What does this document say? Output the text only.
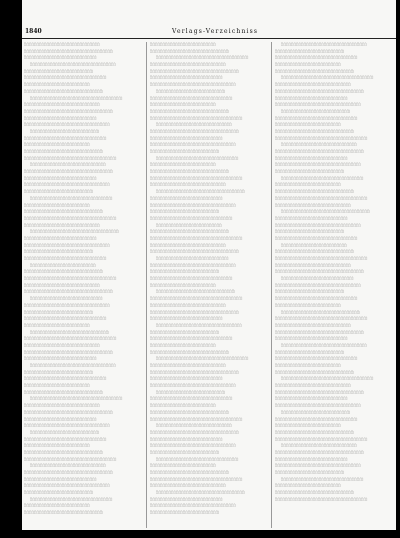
1840	Verlags-Verzeichniss
░░░░░░░░░░░░░░░░░░░░░░░
░░░░░░░░░░░░░░░░░░░░░░░░░░░
░░░░░░░░░░░░░░░░░░░░░░
░░░░░░░░░░░░░░░░░░░░░░░░░░
░░░░░░░░░░░░░░░░░░░░░
░░░░░░░░░░░░░░░░░░░░░░░░░
░░░░░░░░░░░░░░░░░░░░
░░░░░░░░░░░░░░░░░░░░░░░░
░░░░░░░░░░░░░░░░░░░░░░░░░░░░
░░░░░░░░░░░░░░░░░░░░░░░
░░░░░░░░░░░░░░░░░░░░░░░░░░░
░░░░░░░░░░░░░░░░░░░░░░
░░░░░░░░░░░░░░░░░░░░░░░░░░
░░░░░░░░░░░░░░░░░░░░░
░░░░░░░░░░░░░░░░░░░░░░░░░
░░░░░░░░░░░░░░░░░░░░
░░░░░░░░░░░░░░░░░░░░░░░░
░░░░░░░░░░░░░░░░░░░░░░░░░░░░
░░░░░░░░░░░░░░░░░░░░░░░
░░░░░░░░░░░░░░░░░░░░░░░░░░░
░░░░░░░░░░░░░░░░░░░░░░
░░░░░░░░░░░░░░░░░░░░░░░░░░
░░░░░░░░░░░░░░░░░░░░░
░░░░░░░░░░░░░░░░░░░░░░░░░
░░░░░░░░░░░░░░░░░░░░
░░░░░░░░░░░░░░░░░░░░░░░░
░░░░░░░░░░░░░░░░░░░░░░░░░░░░
░░░░░░░░░░░░░░░░░░░░░░░
░░░░░░░░░░░░░░░░░░░░░░░░░░░
░░░░░░░░░░░░░░░░░░░░░░
░░░░░░░░░░░░░░░░░░░░░░░░░░
░░░░░░░░░░░░░░░░░░░░░
░░░░░░░░░░░░░░░░░░░░░░░░░
░░░░░░░░░░░░░░░░░░░░
░░░░░░░░░░░░░░░░░░░░░░░░
░░░░░░░░░░░░░░░░░░░░░░░░░░░░
░░░░░░░░░░░░░░░░░░░░░░░
░░░░░░░░░░░░░░░░░░░░░░░░░░░
░░░░░░░░░░░░░░░░░░░░░░
░░░░░░░░░░░░░░░░░░░░░░░░░░
░░░░░░░░░░░░░░░░░░░░░
░░░░░░░░░░░░░░░░░░░░░░░░░
░░░░░░░░░░░░░░░░░░░░
░░░░░░░░░░░░░░░░░░░░░░░░
░░░░░░░░░░░░░░░░░░░░░░░░░░░░
░░░░░░░░░░░░░░░░░░░░░░░
░░░░░░░░░░░░░░░░░░░░░░░░░░░
░░░░░░░░░░░░░░░░░░░░░░
░░░░░░░░░░░░░░░░░░░░░░░░░░
░░░░░░░░░░░░░░░░░░░░░
░░░░░░░░░░░░░░░░░░░░░░░░░
░░░░░░░░░░░░░░░░░░░░
░░░░░░░░░░░░░░░░░░░░░░░░
░░░░░░░░░░░░░░░░░░░░░░░░░░░░
░░░░░░░░░░░░░░░░░░░░░░░
░░░░░░░░░░░░░░░░░░░░░░░░░░░
░░░░░░░░░░░░░░░░░░░░░░
░░░░░░░░░░░░░░░░░░░░░░░░░░
░░░░░░░░░░░░░░░░░░░░░
░░░░░░░░░░░░░░░░░░░░░░░░░
░░░░░░░░░░░░░░░░░░░░
░░░░░░░░░░░░░░░░░░░░░░░░
░░░░░░░░░░░░░░░░░░░░░░░░░░░░
░░░░░░░░░░░░░░░░░░░░░░░
░░░░░░░░░░░░░░░░░░░░░░░░░░░
░░░░░░░░░░░░░░░░░░░░░░
░░░░░░░░░░░░░░░░░░░░░░░░░░
░░░░░░░░░░░░░░░░░░░░░
░░░░░░░░░░░░░░░░░░░░░░░░░
░░░░░░░░░░░░░░░░░░░░
░░░░░░░░░░░░░░░░░░░░░░░░
░░░░░░░░░░░░░░░░░░░░
░░░░░░░░░░░░░░░░░░░░░░░░
░░░░░░░░░░░░░░░░░░░░░░░░░░░░
░░░░░░░░░░░░░░░░░░░░░░░
░░░░░░░░░░░░░░░░░░░░░░░░░░░
░░░░░░░░░░░░░░░░░░░░░░
░░░░░░░░░░░░░░░░░░░░░░░░░░
░░░░░░░░░░░░░░░░░░░░░
░░░░░░░░░░░░░░░░░░░░░░░░░
░░░░░░░░░░░░░░░░░░░░
░░░░░░░░░░░░░░░░░░░░░░░░
░░░░░░░░░░░░░░░░░░░░░░░░░░░░
░░░░░░░░░░░░░░░░░░░░░░░
░░░░░░░░░░░░░░░░░░░░░░░░░░░
░░░░░░░░░░░░░░░░░░░░░░
░░░░░░░░░░░░░░░░░░░░░░░░░░
░░░░░░░░░░░░░░░░░░░░░
░░░░░░░░░░░░░░░░░░░░░░░░░
░░░░░░░░░░░░░░░░░░░░
░░░░░░░░░░░░░░░░░░░░░░░░
░░░░░░░░░░░░░░░░░░░░░░░░░░░░
░░░░░░░░░░░░░░░░░░░░░░░
░░░░░░░░░░░░░░░░░░░░░░░░░░░
░░░░░░░░░░░░░░░░░░░░░░
░░░░░░░░░░░░░░░░░░░░░░░░░░
░░░░░░░░░░░░░░░░░░░░░
░░░░░░░░░░░░░░░░░░░░░░░░░
░░░░░░░░░░░░░░░░░░░░
░░░░░░░░░░░░░░░░░░░░░░░░
░░░░░░░░░░░░░░░░░░░░░░░░░░░░
░░░░░░░░░░░░░░░░░░░░░░░
░░░░░░░░░░░░░░░░░░░░░░░░░░░
░░░░░░░░░░░░░░░░░░░░░░
░░░░░░░░░░░░░░░░░░░░░░░░░░
░░░░░░░░░░░░░░░░░░░░░
░░░░░░░░░░░░░░░░░░░░░░░░░
░░░░░░░░░░░░░░░░░░░░
░░░░░░░░░░░░░░░░░░░░░░░░
░░░░░░░░░░░░░░░░░░░░░░░░░░░░
░░░░░░░░░░░░░░░░░░░░░░░
░░░░░░░░░░░░░░░░░░░░░░░░░░░
░░░░░░░░░░░░░░░░░░░░░░
░░░░░░░░░░░░░░░░░░░░░░░░░░
░░░░░░░░░░░░░░░░░░░░░
░░░░░░░░░░░░░░░░░░░░░░░░░
░░░░░░░░░░░░░░░░░░░░
░░░░░░░░░░░░░░░░░░░░░░░░
░░░░░░░░░░░░░░░░░░░░░░░░░░░░
░░░░░░░░░░░░░░░░░░░░░░░
░░░░░░░░░░░░░░░░░░░░░░░░░░░
░░░░░░░░░░░░░░░░░░░░░░
░░░░░░░░░░░░░░░░░░░░░░░░░░
░░░░░░░░░░░░░░░░░░░░░
░░░░░░░░░░░░░░░░░░░░░░░░░
░░░░░░░░░░░░░░░░░░░░
░░░░░░░░░░░░░░░░░░░░░░░░
░░░░░░░░░░░░░░░░░░░░░░░░░░░░
░░░░░░░░░░░░░░░░░░░░░░░
░░░░░░░░░░░░░░░░░░░░░░░░░░░
░░░░░░░░░░░░░░░░░░░░░░
░░░░░░░░░░░░░░░░░░░░░░░░░░
░░░░░░░░░░░░░░░░░░░░░
░░░░░░░░░░░░░░░░░░░░░░░░░
░░░░░░░░░░░░░░░░░░░░
░░░░░░░░░░░░░░░░░░░░░░░░
░░░░░░░░░░░░░░░░░░░░░░░░░░░░
░░░░░░░░░░░░░░░░░░░░░░░
░░░░░░░░░░░░░░░░░░░░░░░░░░░
░░░░░░░░░░░░░░░░░░░░░░
░░░░░░░░░░░░░░░░░░░░░░░░░░
░░░░░░░░░░░░░░░░░░░░░
░░░░░░░░░░░░░░░░░░░░░░░░░░
░░░░░░░░░░░░░░░░░░░░░
░░░░░░░░░░░░░░░░░░░░░░░░░
░░░░░░░░░░░░░░░░░░░░
░░░░░░░░░░░░░░░░░░░░░░░░
░░░░░░░░░░░░░░░░░░░░░░░░░░░░
░░░░░░░░░░░░░░░░░░░░░░░
░░░░░░░░░░░░░░░░░░░░░░░░░░░
░░░░░░░░░░░░░░░░░░░░░░
░░░░░░░░░░░░░░░░░░░░░░░░░░
░░░░░░░░░░░░░░░░░░░░░
░░░░░░░░░░░░░░░░░░░░░░░░░
░░░░░░░░░░░░░░░░░░░░
░░░░░░░░░░░░░░░░░░░░░░░░
░░░░░░░░░░░░░░░░░░░░░░░░░░░░
░░░░░░░░░░░░░░░░░░░░░░░
░░░░░░░░░░░░░░░░░░░░░░░░░░░
░░░░░░░░░░░░░░░░░░░░░░
░░░░░░░░░░░░░░░░░░░░░░░░░░
░░░░░░░░░░░░░░░░░░░░░
░░░░░░░░░░░░░░░░░░░░░░░░░
░░░░░░░░░░░░░░░░░░░░
░░░░░░░░░░░░░░░░░░░░░░░░
░░░░░░░░░░░░░░░░░░░░░░░░░░░░
░░░░░░░░░░░░░░░░░░░░░░░
░░░░░░░░░░░░░░░░░░░░░░░░░░░
░░░░░░░░░░░░░░░░░░░░░░
░░░░░░░░░░░░░░░░░░░░░░░░░░
░░░░░░░░░░░░░░░░░░░░░
░░░░░░░░░░░░░░░░░░░░░░░░░
░░░░░░░░░░░░░░░░░░░░
░░░░░░░░░░░░░░░░░░░░░░░░
░░░░░░░░░░░░░░░░░░░░░░░░░░░░
░░░░░░░░░░░░░░░░░░░░░░░
░░░░░░░░░░░░░░░░░░░░░░░░░░░
░░░░░░░░░░░░░░░░░░░░░░
░░░░░░░░░░░░░░░░░░░░░░░░░░
░░░░░░░░░░░░░░░░░░░░░
░░░░░░░░░░░░░░░░░░░░░░░░░
░░░░░░░░░░░░░░░░░░░░
░░░░░░░░░░░░░░░░░░░░░░░░
░░░░░░░░░░░░░░░░░░░░░░░░░░░░
░░░░░░░░░░░░░░░░░░░░░░░
░░░░░░░░░░░░░░░░░░░░░░░░░░░
░░░░░░░░░░░░░░░░░░░░░░
░░░░░░░░░░░░░░░░░░░░░░░░░░
░░░░░░░░░░░░░░░░░░░░░
░░░░░░░░░░░░░░░░░░░░░░░░░
░░░░░░░░░░░░░░░░░░░░
░░░░░░░░░░░░░░░░░░░░░░░░
░░░░░░░░░░░░░░░░░░░░░░░░░░░░
░░░░░░░░░░░░░░░░░░░░░░░
░░░░░░░░░░░░░░░░░░░░░░░░░░░
░░░░░░░░░░░░░░░░░░░░░░
░░░░░░░░░░░░░░░░░░░░░░░░░░
░░░░░░░░░░░░░░░░░░░░░
░░░░░░░░░░░░░░░░░░░░░░░░░
░░░░░░░░░░░░░░░░░░░░
░░░░░░░░░░░░░░░░░░░░░░░░
░░░░░░░░░░░░░░░░░░░░░░░░░░░░
░░░░░░░░░░░░░░░░░░░░░░░
░░░░░░░░░░░░░░░░░░░░░░░░░░░
░░░░░░░░░░░░░░░░░░░░░░
░░░░░░░░░░░░░░░░░░░░░░░░░░
░░░░░░░░░░░░░░░░░░░░░
░░░░░░░░░░░░░░░░░░░░░░░░░
░░░░░░░░░░░░░░░░░░░░
░░░░░░░░░░░░░░░░░░░░░░░░
░░░░░░░░░░░░░░░░░░░░░░░░░░░░
